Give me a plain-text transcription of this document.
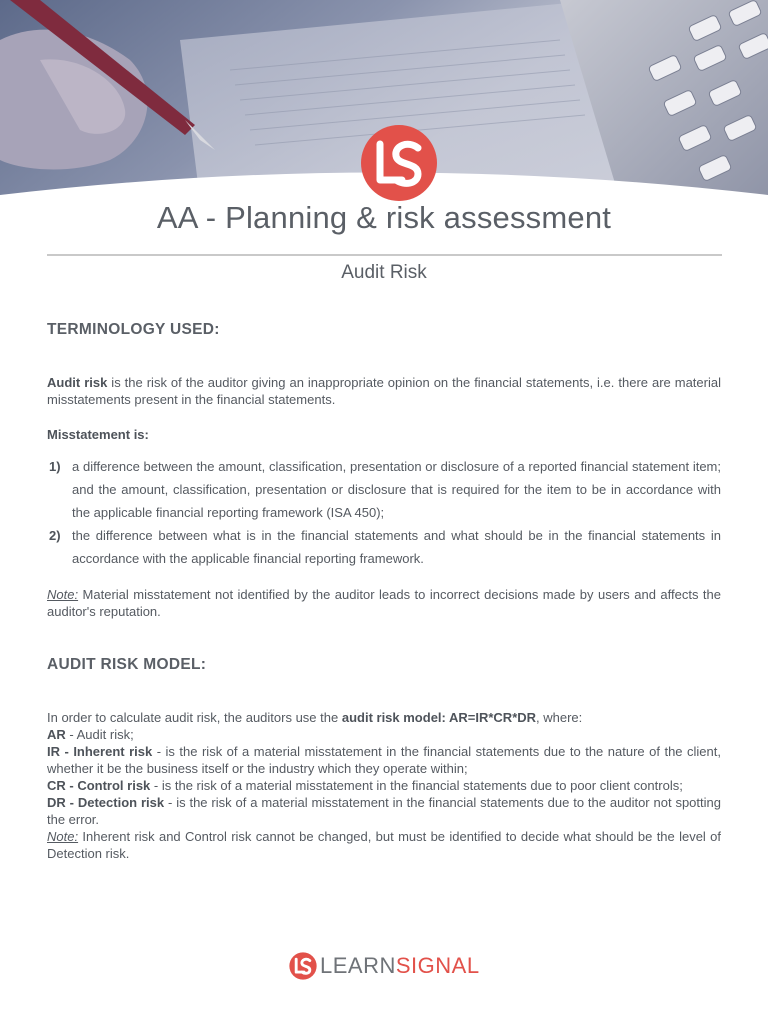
AA - Planning & risk assessment
Audit Risk
TERMINOLOGY USED:
Audit risk is the risk of the auditor giving an inappropriate opinion on the financial statements, i.e. there are material misstatements present in the financial statements.
Misstatement is:
1) a difference between the amount, classification, presentation or disclosure of a reported financial statement item; and the amount, classification, presentation or disclosure that is required for the item to be in accordance with the applicable financial reporting framework (ISA 450);
2) the difference between what is in the financial statements and what should be in the financial statements in accordance with the applicable financial reporting framework.
Note: Material misstatement not identified by the auditor leads to incorrect decisions made by users and affects the auditor's reputation.
AUDIT RISK MODEL:
In order to calculate audit risk, the auditors use the audit risk model: AR=IR*CR*DR, where:
AR - Audit risk;
IR - Inherent risk - is the risk of a material misstatement in the financial statements due to the nature of the client, whether it be the business itself or the industry which they operate within;
CR - Control risk - is the risk of a material misstatement in the financial statements due to poor client controls;
DR - Detection risk - is the risk of a material misstatement in the financial statements due to the auditor not spotting the error.
Note: Inherent risk and Control risk cannot be changed, but must be identified to decide what should be the level of Detection risk.
LEARNSIGNAL
